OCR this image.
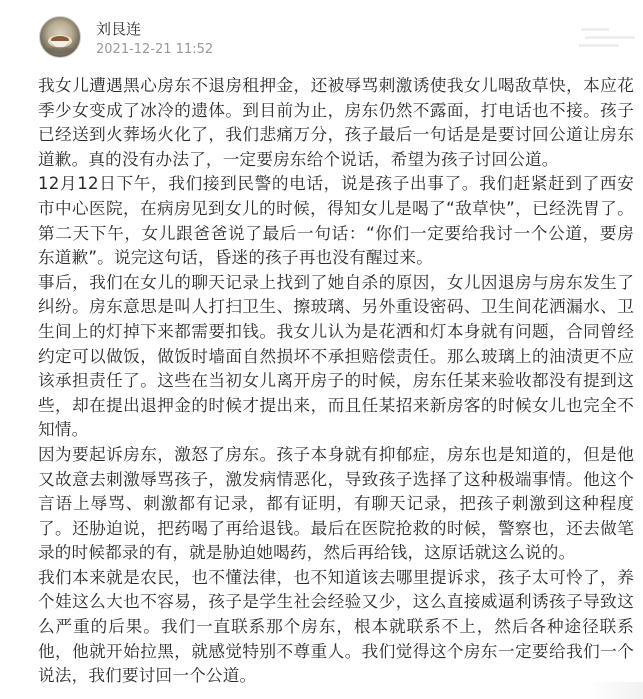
刘艮连
2021-12-21 11:52

我女儿遭遇黑心房东不退房租押金，还被辱骂刺激诱使我女儿喝敌草快，本应花季少女变成了冰冷的遗体。到目前为止，房东仍然不露面，打电话也不接。孩子已经送到火葬场火化了，我们悲痛万分，孩子最后一句话是是要讨回公道让房东道歉。真的没有办法了，一定要房东给个说话，希望为孩子讨回公道。

12月12日下午，我们接到民警的电话，说是孩子出事了。我们赶紧赶到了西安市中心医院，在病房见到女儿的时候，得知女儿是喝了“敌草快”，已经洗胃了。第二天下午，女儿跟爸爸说了最后一句话：“你们一定要给我讨一个公道，要房东道歉”。说完这句话，昏迷的孩子再也没有醒过来。

事后，我们在女儿的聊天记录上找到了她自杀的原因，女儿因退房与房东发生了纠纷。房东意思是叫人打扫卫生、擦玻璃、另外重设密码、卫生间花洒漏水、卫生间上的灯掉下来都需要扣钱。我女儿认为是花洒和灯本身就有问题，合同曾经约定可以做饭，做饭时墙面自然损坏不承担赔偿责任。那么玻璃上的油渍更不应该承担责任了。这些在当初女儿离开房子的时候，房东任某来验收都没有提到这些，却在提出退押金的时候才提出来，而且任某招来新房客的时候女儿也完全不知情。

因为要起诉房东，激怒了房东。孩子本身就有抑郁症，房东也是知道的，但是他又故意去刺激辱骂孩子，激发病情恶化，导致孩子选择了这种极端事情。他这个言语上辱骂、刺激都有记录，都有证明，有聊天记录，把孩子刺激到这种程度了。还胁迫说，把药喝了再给退钱。最后在医院抢救的时候，警察也，还去做笔录的时候都录的有，就是胁迫她喝药，然后再给钱，这原话就这么说的。

我们本来就是农民，也不懂法律，也不知道该去哪里提诉求，孩子太可怜了，养个娃这么大也不容易，孩子是学生社会经验又少，这么直接威逼利诱孩子导致这么严重的后果。我们一直联系那个房东，根本就联系不上，然后各种途径联系他，他就开始拉黑，就感觉特别不尊重人。我们觉得这个房东一定要给我们一个说法，我们要讨回一个公道。
